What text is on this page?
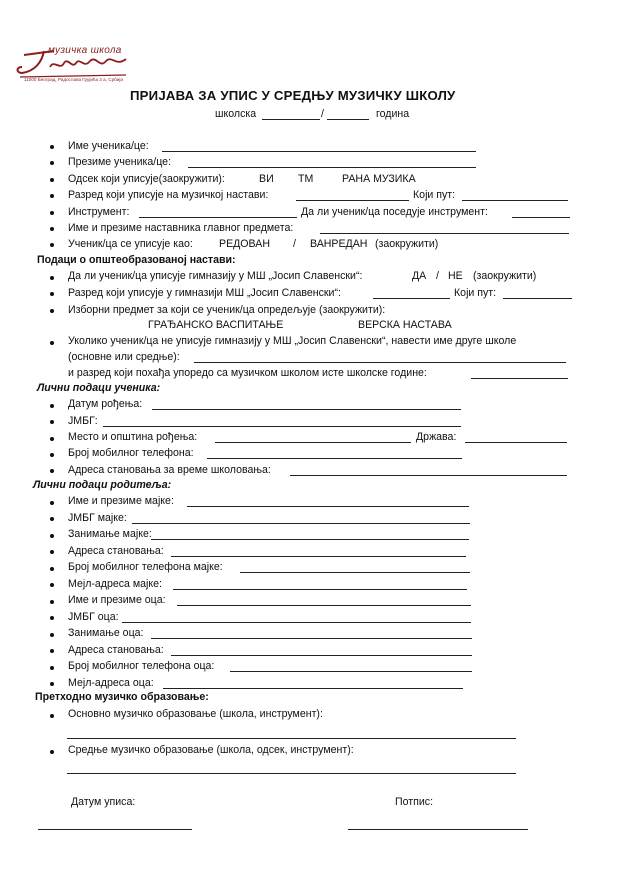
музичка школа
11000 Београд, Радослава Грујића 3 а, Србија
ПРИЈАВА ЗА УПИС У СРЕДЊУ МУЗИЧКУ ШКОЛУ
школска	/	година
Име ученика/це:
Презиме ученика/це:
Одсек који уписује(заокружити):	ВИ ТМ	РАНА МУЗИКА
Разред који уписује на музичкој настави:	Који пут:
Инструмент:	Да ли ученик/ца поседује инструмент:
Име и презиме наставника главног предмета:
Ученик/ца се уписује као: РЕДОВАН / ВАНРЕДАН (заокружити)
Подаци о општеобразованој настави:
Да ли ученик/ца уписује гимназију у МШ „Јосип Славенски“:	ДА / НЕ (заокружити)
Разред који уписује у гимназији МШ „Јосип Славенски“:	Који пут:
Изборни предмет за који се ученик/ца опредељује (заокружити):
ГРАЂАНСКО ВАСПИТАЊЕ	ВЕРСКА НАСТАВА
Уколико ученик/ца не уписује гимназију у МШ „Јосип Славенски“, навести име друге школе
(основне или средње):
и разред који похађа упоредо са музичком школом исте школске године:
Лични подаци ученика:
Датум рођења:
ЈМБГ:
Место и општина рођења:	Држава:
Број мобилног телефона:
Адреса становања за време школовања:
Лични подаци родитеља:
Име и презиме мајке:
ЈМБГ мајке:
Занимање мајке:
Адреса становања:
Број мобилног телефона мајке:
Мејл-адреса мајке:
Име и презиме оца:
ЈМБГ оца:
Занимање оца:
Адреса становања:
Број мобилног телефона оца:
Мејл-адреса оца:
Претходно музичко образовање:
Основно музичко образовање (школа, инструмент):
Средње музичко образовање (школа, одсек, инструмент):
Датум уписа:	Потпис:
